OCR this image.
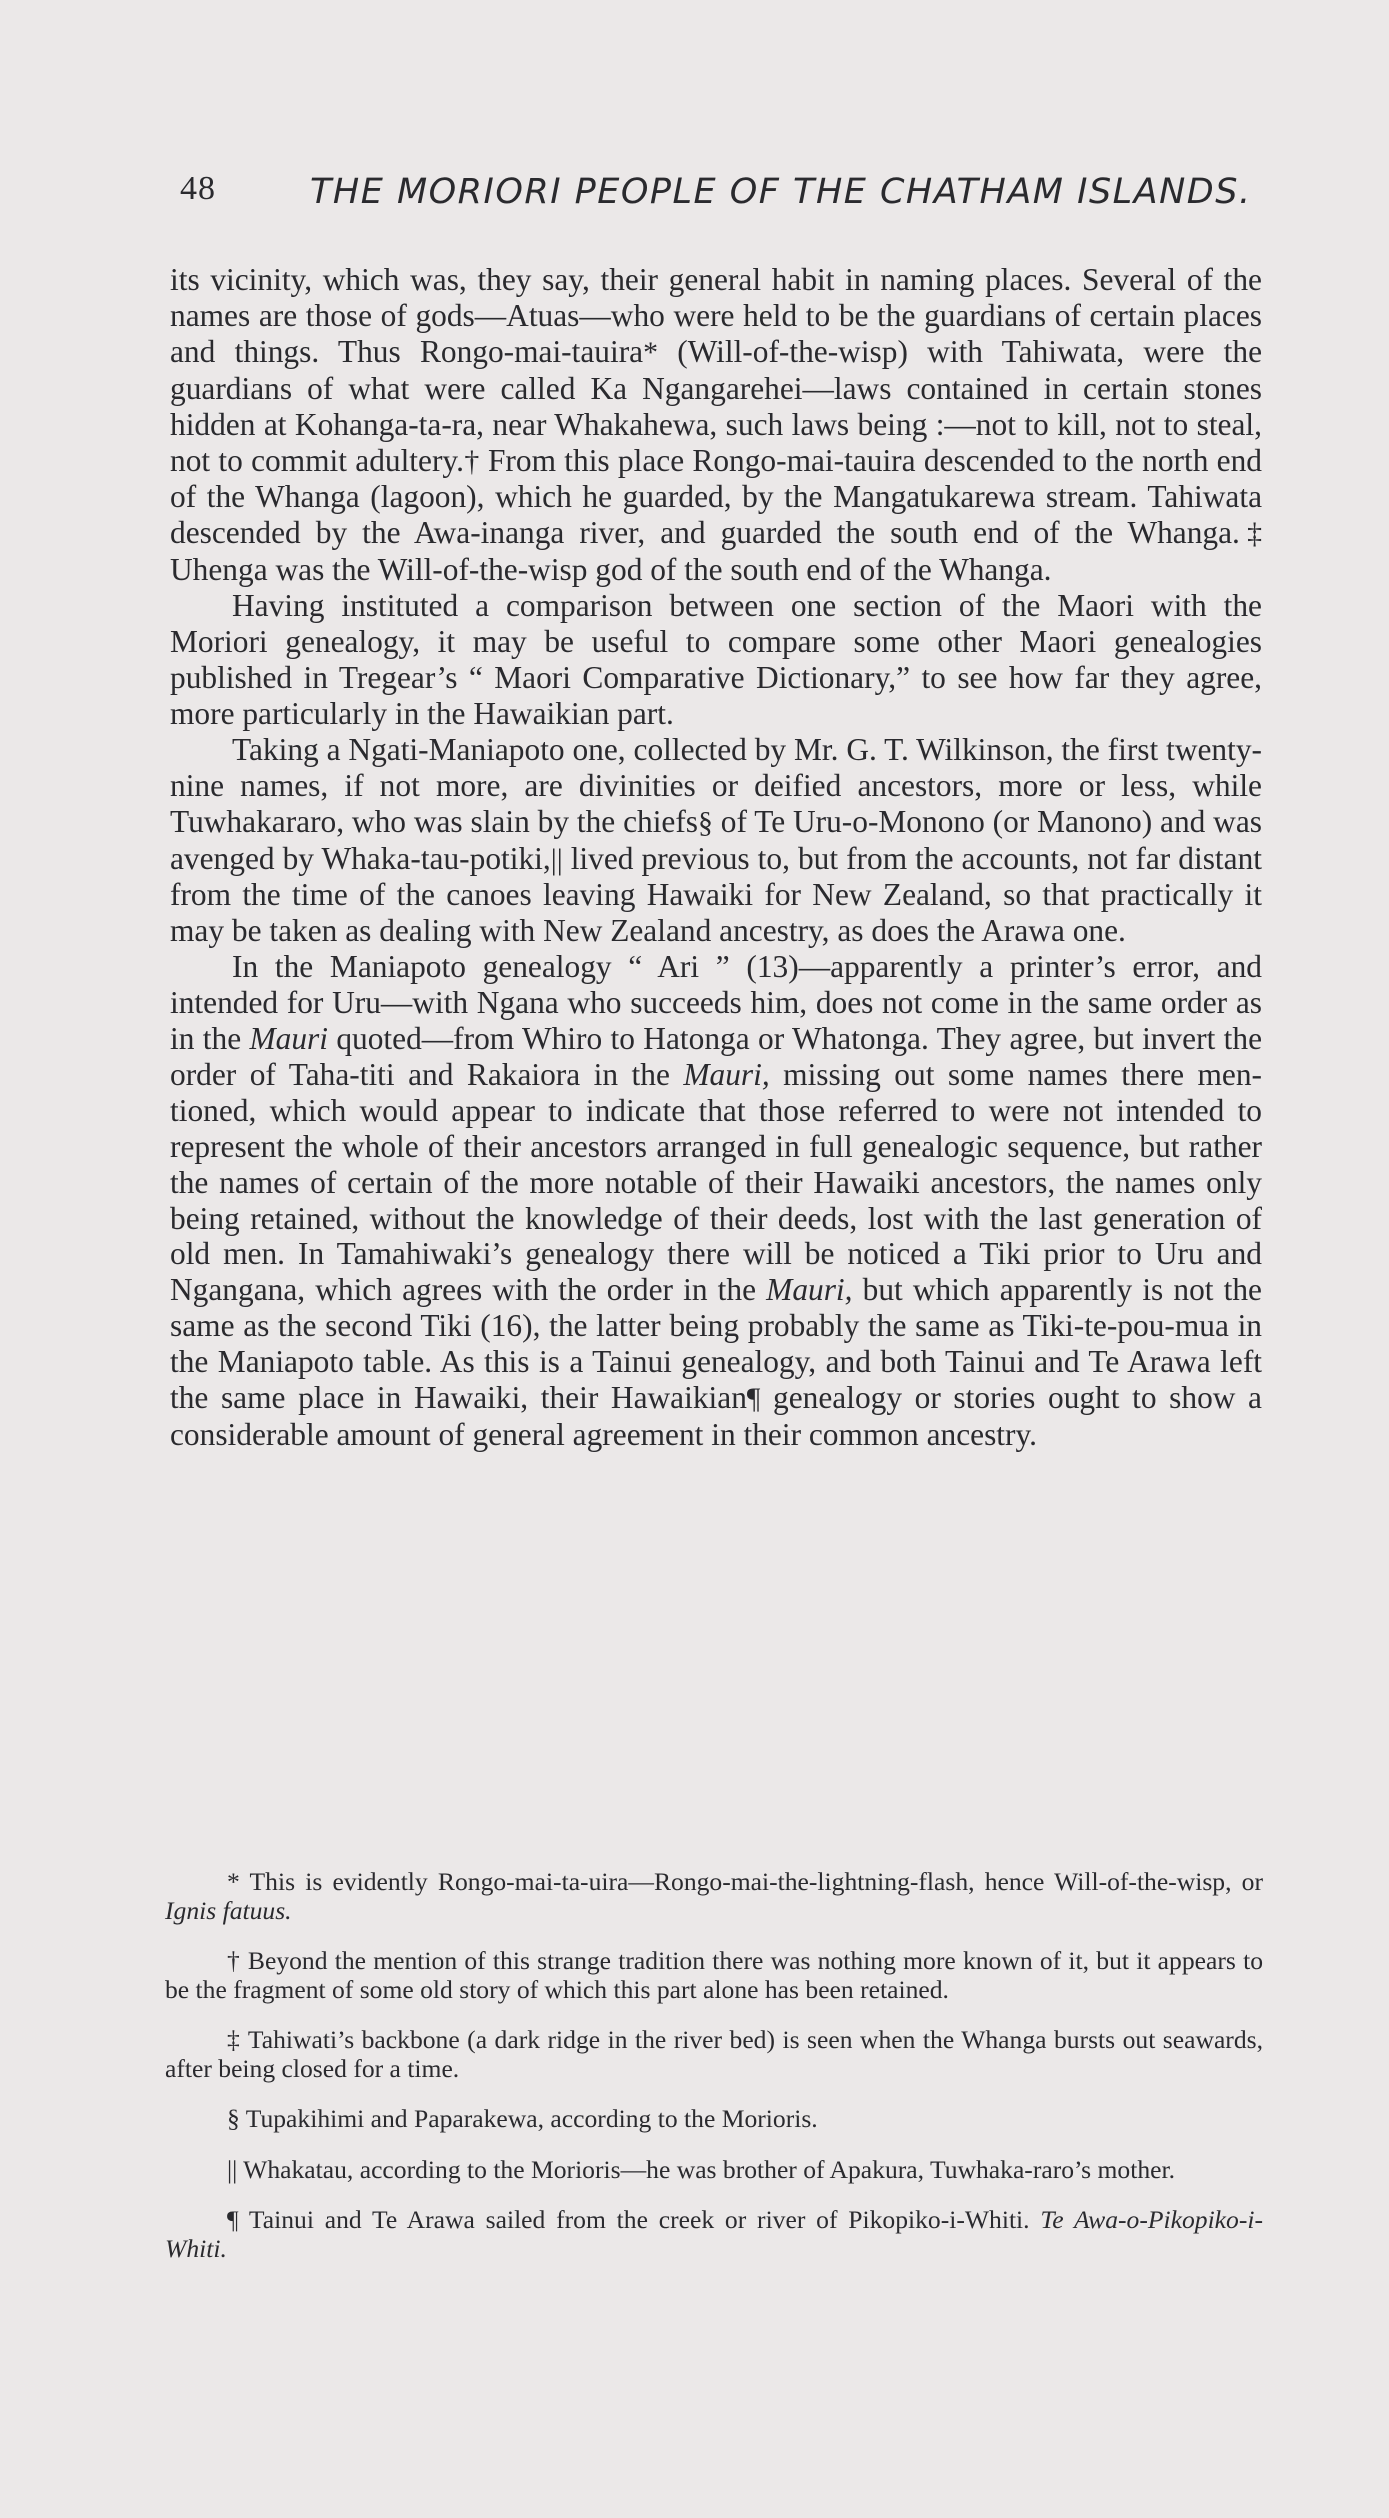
48	THE MORIORI PEOPLE OF THE CHATHAM ISLANDS.

its vicinity, which was, they say, their general habit in naming places. Several of the names are those of gods—Atuas—who were held to be the guardians of certain places and things. Thus Rongo-mai-tauira* (Will-of-the-wisp) with Tahiwata, were the guardians of what were called Ka Ngangarehei—laws contained in certain stones hidden at Kohanga-ta-ra, near Whakahewa, such laws being :—not to kill, not to steal, not to commit adultery.† From this place Rongo-mai-tauira descended to the north end of the Whanga (lagoon), which he guarded, by the Mangatukarewa stream. Tahiwata descended by the Awa-inanga river, and guarded the south end of the Whanga.‡ Uhenga was the Will-of-the-wisp god of the south end of the Whanga.

Having instituted a comparison between one section of the Maori with the Moriori genealogy, it may be useful to compare some other Maori genealogies published in Tregear’s “ Maori Comparative Dictionary,” to see how far they agree, more particularly in the Hawaikian part.

Taking a Ngati-Maniapoto one, collected by Mr. G. T. Wilkinson, the first twenty-nine names, if not more, are divinities or deified ancestors, more or less, while Tuwhakararo, who was slain by the chiefs§ of Te Uru-o-Monono (or Manono) and was avenged by Whaka-tau-potiki,|| lived previous to, but from the accounts, not far distant from the time of the canoes leaving Hawaiki for New Zealand, so that practically it may be taken as dealing with New Zealand ancestry, as does the Arawa one.

In the Maniapoto genealogy “ Ari ” (13)—apparently a printer’s error, and intended for Uru—with Ngana who succeeds him, does not come in the same order as in the Mauri quoted—from Whiro to Hatonga or Whatonga. They agree, but invert the order of Taha-titi and Rakaiora in the Mauri, missing out some names there men-tioned, which would appear to indicate that those referred to were not intended to represent the whole of their ancestors arranged in full genealogic sequence, but rather the names of certain of the more notable of their Hawaiki ancestors, the names only being retained, without the knowledge of their deeds, lost with the last generation of old men. In Tamahiwaki’s genealogy there will be noticed a Tiki prior to Uru and Ngangana, which agrees with the order in the Mauri, but which apparently is not the same as the second Tiki (16), the latter being probably the same as Tiki-te-pou-mua in the Maniapoto table. As this is a Tainui genealogy, and both Tainui and Te Arawa left the same place in Hawaiki, their Hawaikian¶ genealogy or stories ought to show a considerable amount of general agreement in their common ancestry.

* This is evidently Rongo-mai-ta-uira—Rongo-mai-the-lightning-flash, hence Will-of-the-wisp, or Ignis fatuus.

† Beyond the mention of this strange tradition there was nothing more known of it, but it appears to be the fragment of some old story of which this part alone has been retained.

‡ Tahiwati’s backbone (a dark ridge in the river bed) is seen when the Whanga bursts out seawards, after being closed for a time.

§ Tupakihimi and Paparakewa, according to the Morioris.

|| Whakatau, according to the Morioris—he was brother of Apakura, Tuwhaka-raro’s mother.

¶ Tainui and Te Arawa sailed from the creek or river of Pikopiko-i-Whiti. Te Awa-o-Pikopiko-i-Whiti.
